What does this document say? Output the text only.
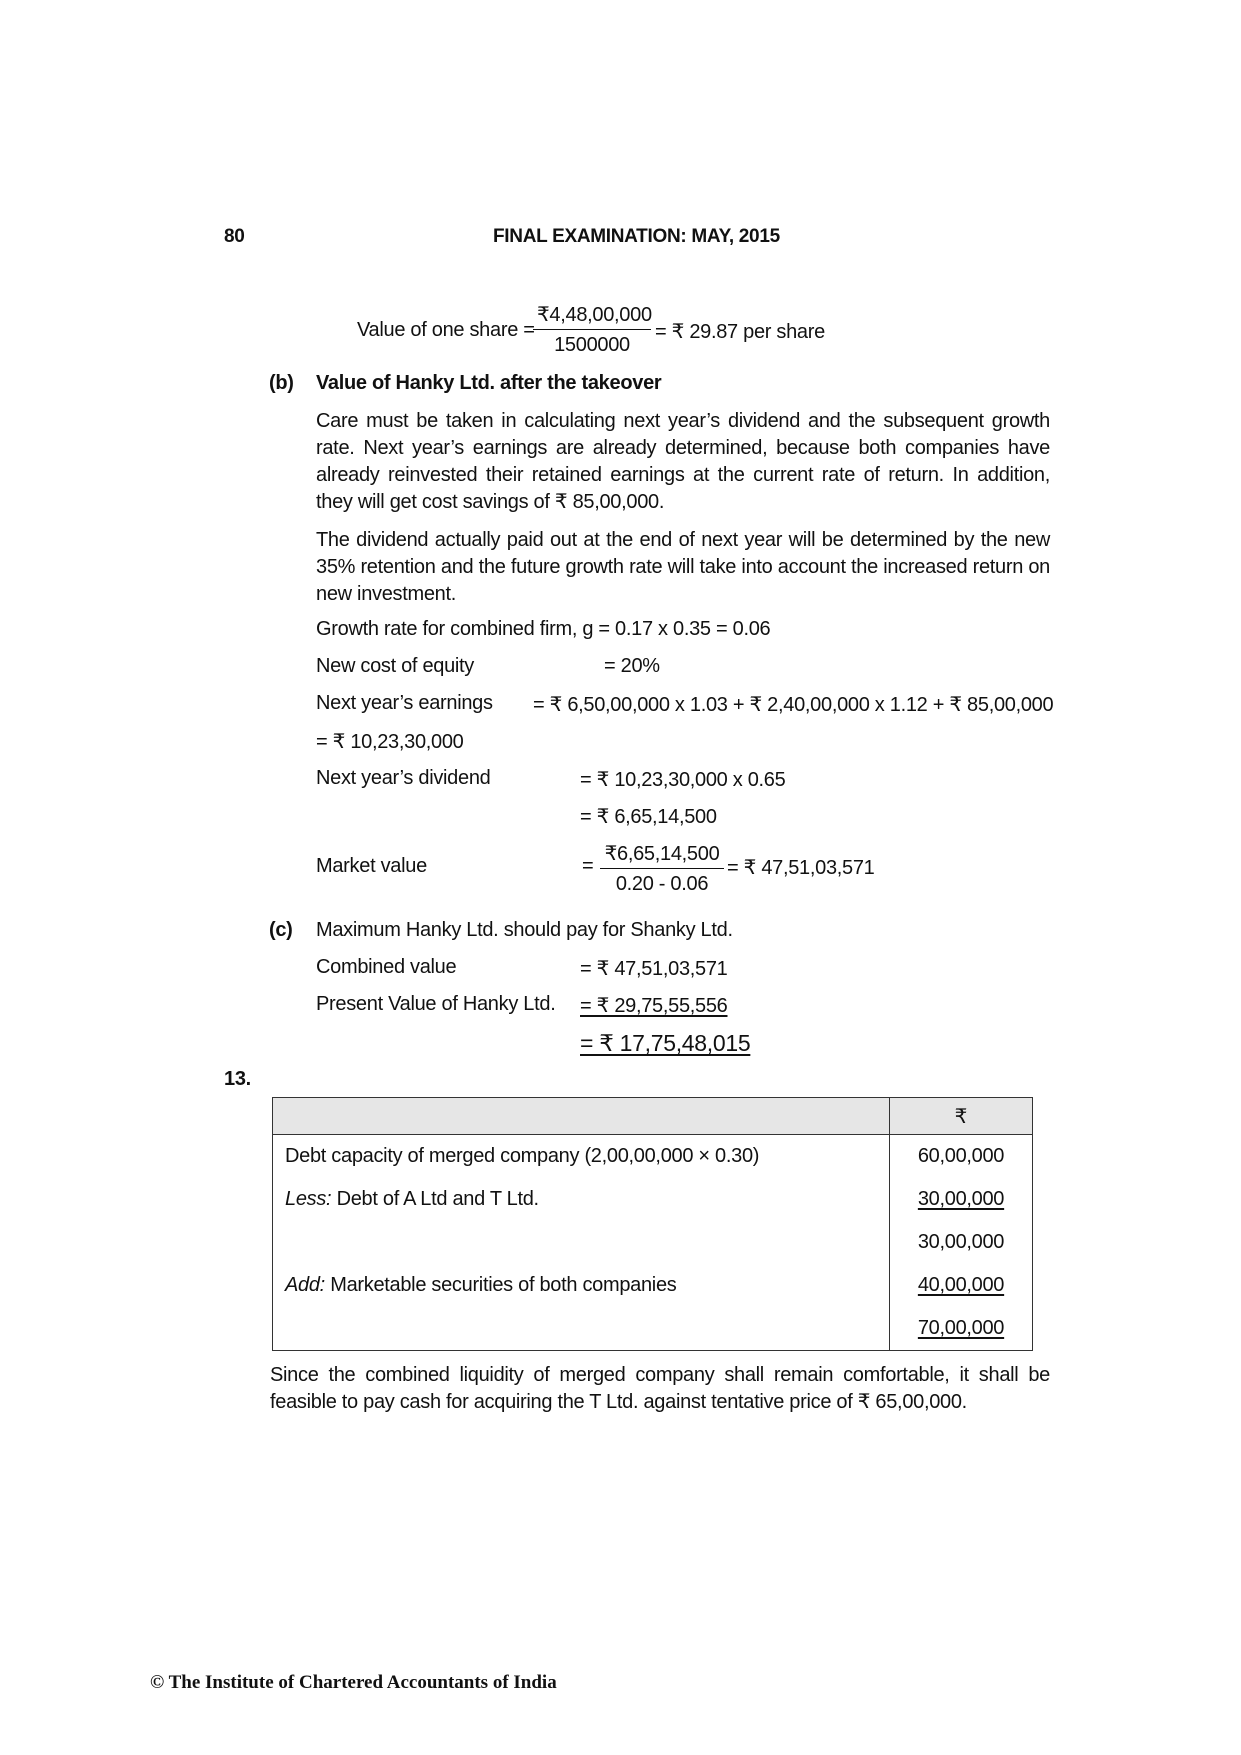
80	FINAL EXAMINATION: MAY, 2015
Value of one share =
$\frac{₹4,48,00,000}{1500000}$ = ₹ 29.87 per share
(b) Value of Hanky Ltd. after the takeover
Care must be taken in calculating next year’s dividend and the subsequent growth rate. Next year’s earnings are already determined, because both companies have already reinvested their retained earnings at the current rate of return. In addition, they will get cost savings of ₹ 85,00,000.
The dividend actually paid out at the end of next year will be determined by the new 35% retention and the future growth rate will take into account the increased return on new investment.
Growth rate for combined firm, g = 0.17 x 0.35 = 0.06
New cost of equity	= 20%
Next year’s earnings = ₹ 6,50,00,000 x 1.03 + ₹ 2,40,00,000 x 1.12 + ₹ 85,00,000
= ₹ 10,23,30,000
Next year’s dividend	= ₹ 10,23,30,000 x 0.65
= ₹ 6,65,14,500
Market value	= $\frac{₹6,65,14,500}{0.20 - 0.06}$ = ₹ 47,51,03,571
(c) Maximum Hanky Ltd. should pay for Shanky Ltd.
Combined value	= ₹ 47,51,03,571
Present Value of Hanky Ltd. = ₹ 29,75,55,556
= ₹ 17,75,48,015
13.
	₹
Debt capacity of merged company (2,00,00,000 × 0.30)	60,00,000
Less: Debt of A Ltd and T Ltd.	30,00,000
	30,00,000
Add: Marketable securities of both companies	40,00,000
	70,00,000
Since the combined liquidity of merged company shall remain comfortable, it shall be feasible to pay cash for acquiring the T Ltd. against tentative price of ₹ 65,00,000.
© The Institute of Chartered Accountants of India
